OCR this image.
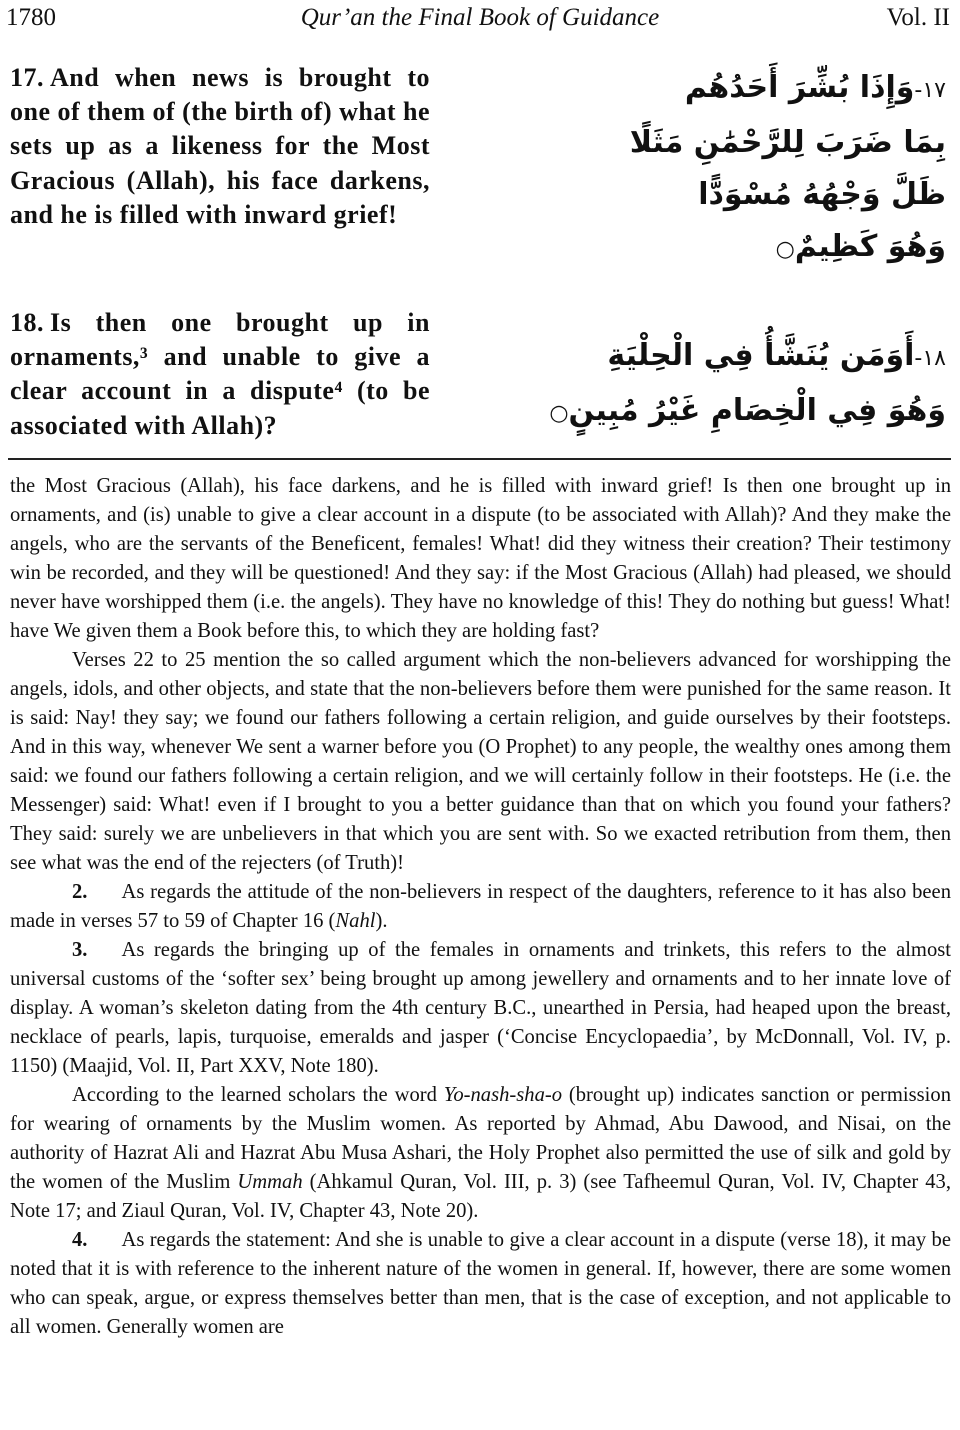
1780	Qur’an the Final Book of Guidance	Vol. II
17. And when news is brought to one of them of (the birth of) what he sets up as a likeness for the Most Gracious (Allah), his face darkens, and he is filled with inward grief!
١٧-وَإِذَا بُشِّرَ أَحَدُهُم
بِمَا ضَرَبَ لِلرَّحْمَٰنِ مَثَلًا
ظَلَّ وَجْهُهُ مُسْوَدًّا
وَهُوَ كَظِيمٌ○
18. Is then one brought up in ornaments,³ and unable to give a clear account in a dispute⁴ (to be associated with Allah)?
١٨-أَوَمَن يُنَشَّأُ فِي الْحِلْيَةِ
وَهُوَ فِي الْخِصَامِ غَيْرُ مُبِينٍ○

the Most Gracious (Allah), his face darkens, and he is filled with inward grief! Is then one brought up in ornaments, and (is) unable to give a clear account in a dispute (to be associated with Allah)? And they make the angels, who are the servants of the Beneficent, females! What! did they witness their creation? Their testimony win be recorded, and they will be questioned! And they say: if the Most Gracious (Allah) had pleased, we should never have worshipped them (i.e. the angels). They have no knowledge of this! They do nothing but guess! What! have We given them a Book before this, to which they are holding fast?

Verses 22 to 25 mention the so called argument which the non-believers advanced for worshipping the angels, idols, and other objects, and state that the non-believers before them were punished for the same reason. It is said: Nay! they say; we found our fathers following a certain religion, and guide ourselves by their footsteps. And in this way, whenever We sent a warner before you (O Prophet) to any people, the wealthy ones among them said: we found our fathers following a certain religion, and we will certainly follow in their footsteps. He (i.e. the Messenger) said: What! even if I brought to you a better guidance than that on which you found your fathers? They said: surely we are unbelievers in that which you are sent with. So we exacted retribution from them, then see what was the end of the rejecters (of Truth)!

2. As regards the attitude of the non-believers in respect of the daughters, reference to it has also been made in verses 57 to 59 of Chapter 16 (Nahl).

3. As regards the bringing up of the females in ornaments and trinkets, this refers to the almost universal customs of the ‘softer sex’ being brought up among jewellery and ornaments and to her innate love of display. A woman’s skeleton dating from the 4th century B.C., unearthed in Persia, had heaped upon the breast, necklace of pearls, lapis, turquoise, emeralds and jasper (‘Concise Encyclopaedia’, by McDonnall, Vol. IV, p. 1150) (Maajid, Vol. II, Part XXV, Note 180).

According to the learned scholars the word Yo-nash-sha-o (brought up) indicates sanction or permission for wearing of ornaments by the Muslim women. As reported by Ahmad, Abu Dawood, and Nisai, on the authority of Hazrat Ali and Hazrat Abu Musa Ashari, the Holy Prophet also permitted the use of silk and gold by the women of the Muslim Ummah (Ahkamul Quran, Vol. III, p. 3) (see Tafheemul Quran, Vol. IV, Chapter 43, Note 17; and Ziaul Quran, Vol. IV, Chapter 43, Note 20).

4. As regards the statement: And she is unable to give a clear account in a dispute (verse 18), it may be noted that it is with reference to the inherent nature of the women in general. If, however, there are some women who can speak, argue, or express themselves better than men, that is the case of exception, and not applicable to all women. Generally women are
